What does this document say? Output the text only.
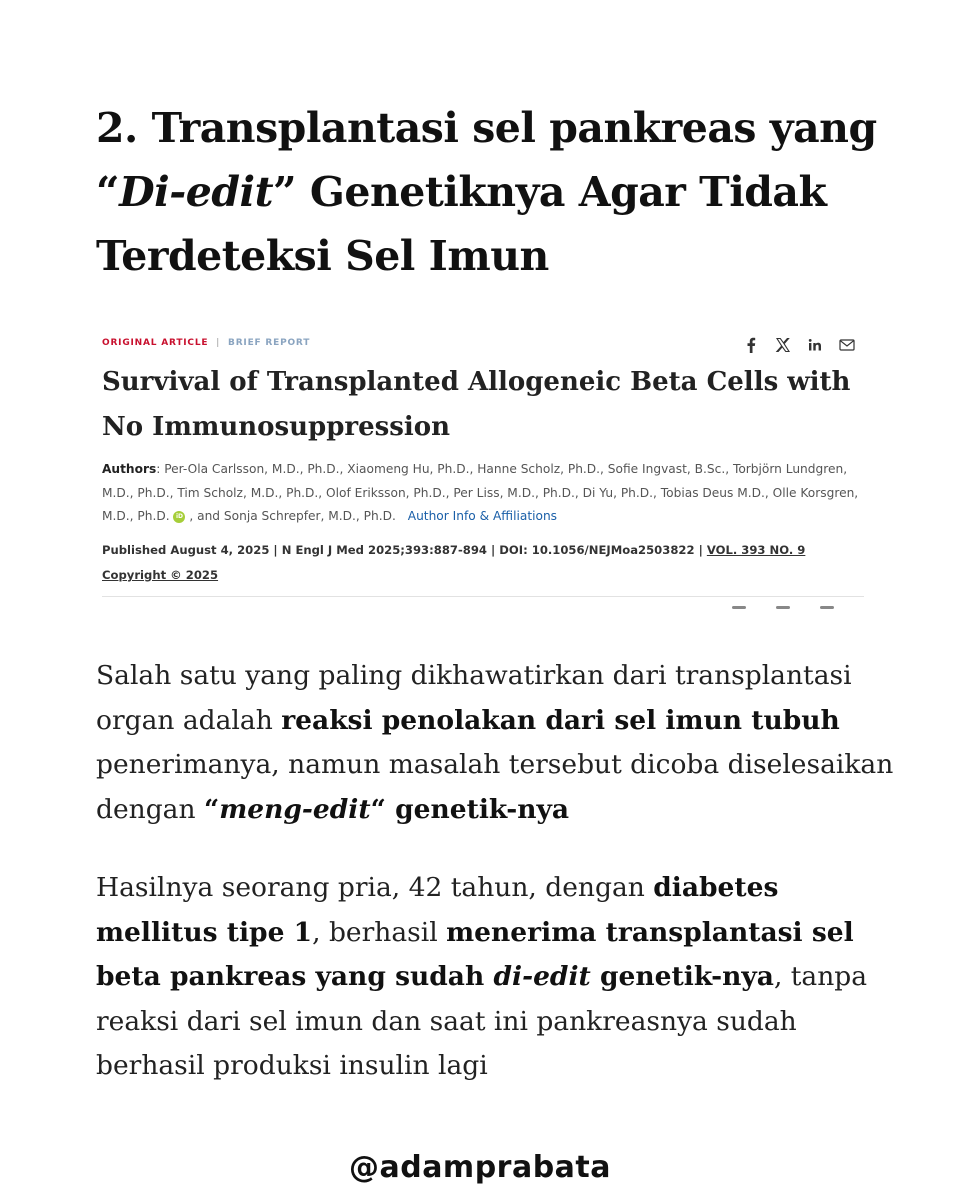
2. Transplantasi sel pankreas yang
“Di-edit” Genetiknya Agar Tidak
Terdeteksi Sel Imun
ORIGINAL ARTICLE | BRIEF REPORT
Survival of Transplanted Allogeneic Beta Cells with No Immunosuppression
Authors: Per-Ola Carlsson, M.D., Ph.D., Xiaomeng Hu, Ph.D., Hanne Scholz, Ph.D., Sofie Ingvast, B.Sc., Torbjörn Lundgren, M.D., Ph.D., Tim Scholz, M.D., Ph.D., Olof Eriksson, Ph.D., Per Liss, M.D., Ph.D., Di Yu, Ph.D., Tobias Deus M.D., Olle Korsgren, M.D., Ph.D. iD , and Sonja Schrepfer, M.D., Ph.D. Author Info & Affiliations
Published August 4, 2025 | N Engl J Med 2025;393:887-894 | DOI: 10.1056/NEJMoa2503822 | VOL. 393 NO. 9
Copyright © 2025

Salah satu yang paling dikhawatirkan dari transplantasi organ adalah reaksi penolakan dari sel imun tubuh penerimanya, namun masalah tersebut dicoba diselesaikan dengan “meng-edit“ genetik-nya

Hasilnya seorang pria, 42 tahun, dengan diabetes mellitus tipe 1, berhasil menerima transplantasi sel beta pankreas yang sudah di-edit genetik-nya, tanpa reaksi dari sel imun dan saat ini pankreasnya sudah berhasil produksi insulin lagi

@adamprabata
